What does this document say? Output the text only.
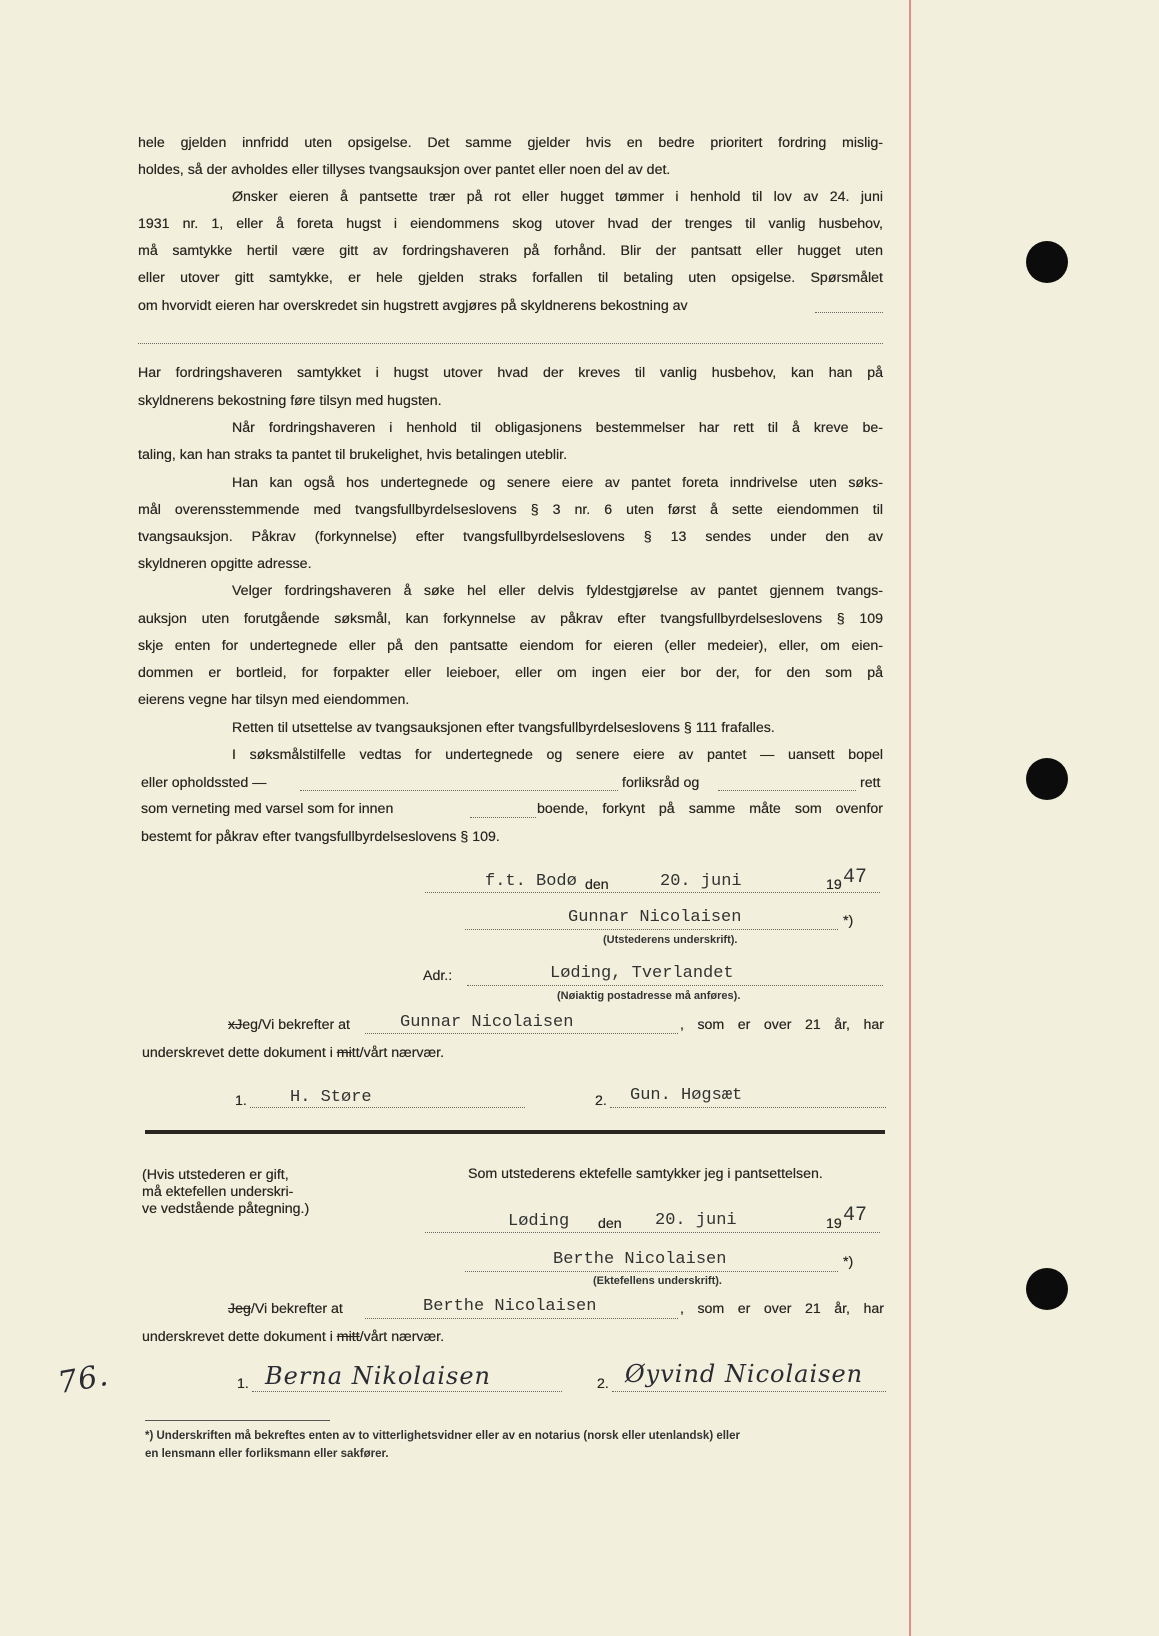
hele gjelden innfridd uten opsigelse. Det samme gjelder hvis en bedre prioritert fordring mislig-
holdes, så der avholdes eller tillyses tvangsauksjon over pantet eller noen del av det.
Ønsker eieren å pantsette trær på rot eller hugget tømmer i henhold til lov av 24. juni
1931 nr. 1, eller å foreta hugst i eiendommens skog utover hvad der trenges til vanlig husbehov,
må samtykke hertil være gitt av fordringshaveren på forhånd. Blir der pantsatt eller hugget uten
eller utover gitt samtykke, er hele gjelden straks forfallen til betaling uten opsigelse. Spørsmålet
om hvorvidt eieren har overskredet sin hugstrett avgjøres på skyldnerens bekostning av
Har fordringshaveren samtykket i hugst utover hvad der kreves til vanlig husbehov, kan han på
skyldnerens bekostning føre tilsyn med hugsten.
Når fordringshaveren i henhold til obligasjonens bestemmelser har rett til å kreve be-
taling, kan han straks ta pantet til brukelighet, hvis betalingen uteblir.
Han kan også hos undertegnede og senere eiere av pantet foreta inndrivelse uten søks-
mål overensstemmende med tvangsfullbyrdelseslovens § 3 nr. 6 uten først å sette eiendommen til
tvangsauksjon. Påkrav (forkynnelse) efter tvangsfullbyrdelseslovens § 13 sendes under den av
skyldneren opgitte adresse.
Velger fordringshaveren å søke hel eller delvis fyldestgjørelse av pantet gjennem tvangs-
auksjon uten forutgående søksmål, kan forkynnelse av påkrav efter tvangsfullbyrdelseslovens § 109
skje enten for undertegnede eller på den pantsatte eiendom for eieren (eller medeier), eller, om eien-
dommen er bortleid, for forpakter eller leieboer, eller om ingen eier bor der, for den som på
eierens vegne har tilsyn med eiendommen.
Retten til utsettelse av tvangsauksjonen efter tvangsfullbyrdelseslovens § 111 frafalles.
I søksmålstilfelle vedtas for undertegnede og senere eiere av pantet — uansett bopel
eller opholdssted —	forliksråd og	rett
som verneting med varsel som for innen	boende, forkynt på samme måte som ovenfor
bestemt for påkrav efter tvangsfullbyrdelseslovens § 109.
f.t. Bodø den	20. juni	19 47
Gunnar Nicolaisen	*)
(Utstederens underskrift).
Adr.:	Løding, Tverlandet
(Nøiaktig postadresse må anføres).
xJeg/Vi bekrefter at	Gunnar Nicolaisen	, som er over 21 år, har
underskrevet dette dokument i mitt/vårt nærvær.
1.	H. Støre	2. Gun. Høgsæt
(Hvis utstederen er gift,
må ektefellen underskri-
ve vedstående påtegning.)
Som utstederens ektefelle samtykker jeg i pantsettelsen.
Løding den 20. juni	19 47
Berthe Nicolaisen	*)
(Ektefellens underskrift).
Jeg/Vi bekrefter at	Berthe Nicolaisen	, som er over 21 år, har
underskrevet dette dokument i mitt/vårt nærvær.
1. Berna Nikolaisen	2. Øyvind Nicolaisen
76.
*) Underskriften må bekreftes enten av to vitterlighetsvidner eller av en notarius (norsk eller utenlandsk) eller
en lensmann eller forliksmann eller sakfører.
